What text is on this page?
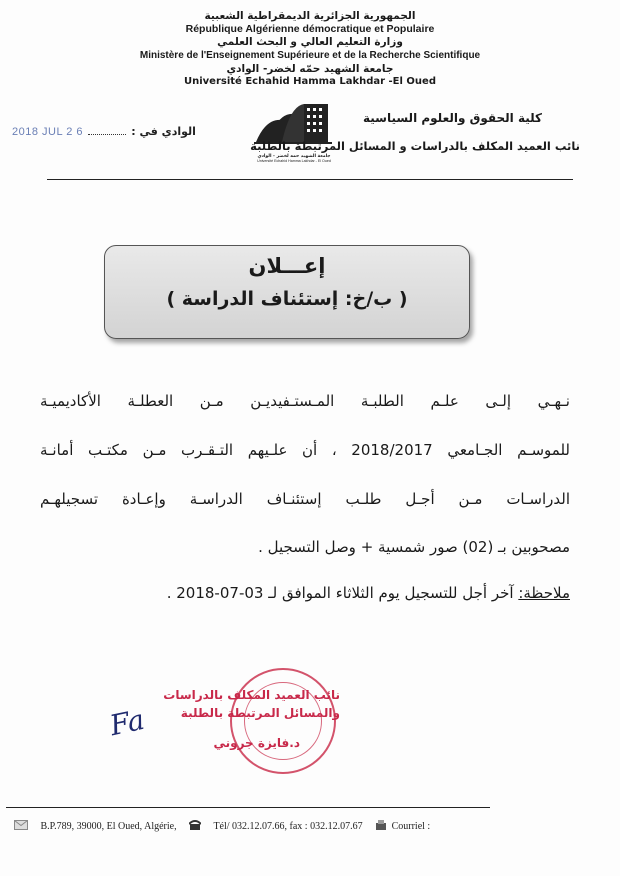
الجمهورية الجزائرية الديمقراطية الشعبية
République Algérienne démocratique et Populaire
وزارة التعليم العالي و البحث العلمي
Ministère de l'Enseignement Supérieure et de la Recherche Scientifique
جامعة الشهيد حمّه لخضر- الوادي
Université Echahid Hamma Lakhdar -El Oued
2018 JUL 2 6	الوادي في :
جامعة الشهيد حمه لخضر - الوادي
Université Echahid Hamma Lakhdar - El Oued
كلية الحقوق والعلوم السياسية
نائب العميد المكلف بالدراسات و المسائل المرتبطة بالطلبة
إعـــلان
( ب/خ: إستئناف الدراسة )
نـهـي إلـى علـم الطلبـة المـستـفيديـن مـن العطلـة الأكاديميـة
للموسـم الجـامعي 2018/2017 ، أن علـيهم التـقـرب مـن مكتـب أمانـة
الدراسـات مـن أجـل طلـب إستئنـاف الدراسـة وإعـادة تسجيلهـم
مصحوبين بـ (02) صور شمسية + وصل التسجيل .
ملاحظة: آخر أجل للتسجيل يوم الثلاثاء الموافق لـ 03-07-2018 .
نائب العميد المكلف بالدراسات
والمسائل المرتبطة بالطلبة
د.فايزة جروني
Fa
B.P.789, 39000, El Oued, Algérie,	Tél/ 032.12.07.66, fax : 032.12.07.67	Courriel :
